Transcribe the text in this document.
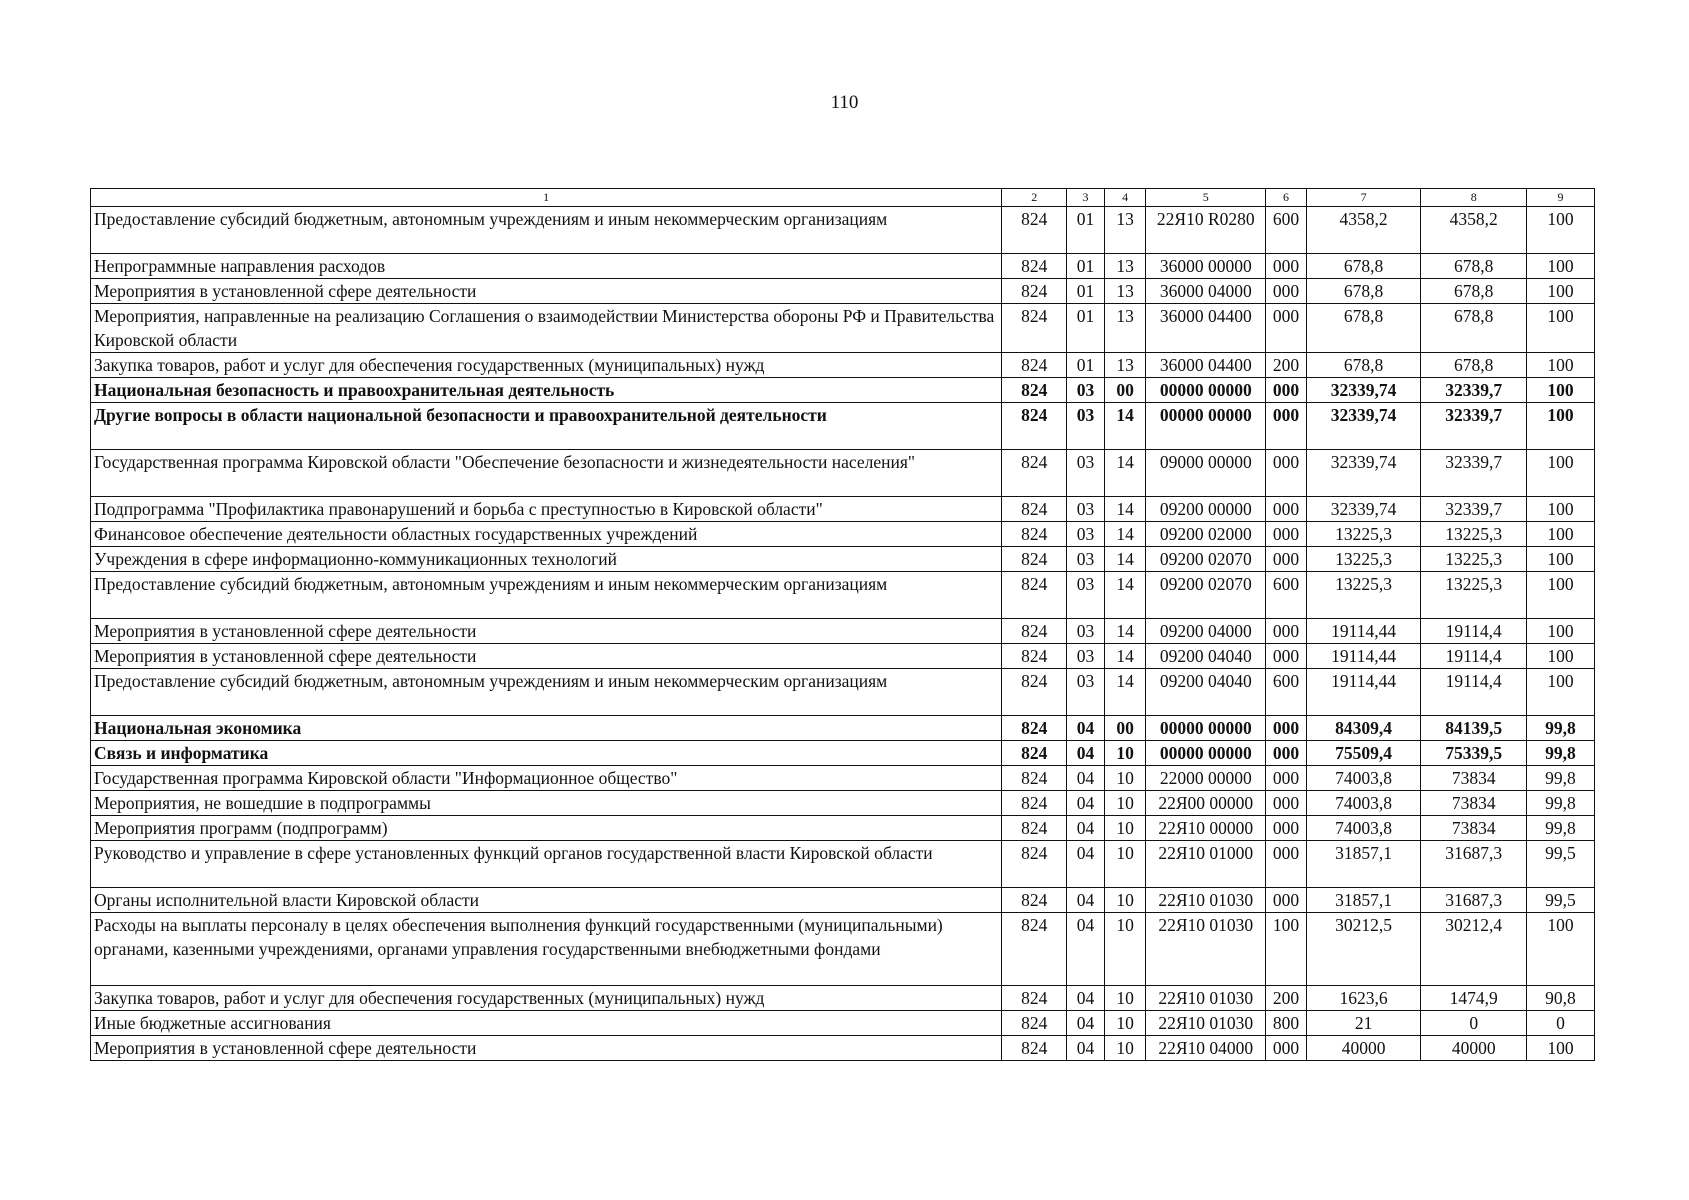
110
1	2	3	4	5	6	7	8	9
Предоставление субсидий бюджетным, автономным учреждениям и иным некоммерческим организациям	824	01	13	22Я10 R0280	600	4358,2	4358,2	100
Непрограммные направления расходов	824	01	13	36000 00000	000	678,8	678,8	100
Мероприятия в установленной сфере деятельности	824	01	13	36000 04000	000	678,8	678,8	100
Мероприятия, направленные на реализацию Соглашения о взаимодействии Министерства обороны РФ и Правительства Кировской области	824	01	13	36000 04400	000	678,8	678,8	100
Закупка товаров, работ и услуг для обеспечения государственных (муниципальных) нужд	824	01	13	36000 04400	200	678,8	678,8	100
Национальная безопасность и правоохранительная деятельность	824	03	00	00000 00000	000	32339,74	32339,7	100
Другие вопросы в области национальной безопасности и правоохранительной деятельности	824	03	14	00000 00000	000	32339,74	32339,7	100
Государственная программа Кировской области "Обеспечение безопасности и жизнедеятельности населения"	824	03	14	09000 00000	000	32339,74	32339,7	100
Подпрограмма "Профилактика правонарушений и борьба с преступностью в Кировской области"	824	03	14	09200 00000	000	32339,74	32339,7	100
Финансовое обеспечение деятельности областных государственных учреждений	824	03	14	09200 02000	000	13225,3	13225,3	100
Учреждения в сфере информационно-коммуникационных технологий	824	03	14	09200 02070	000	13225,3	13225,3	100
Предоставление субсидий бюджетным, автономным учреждениям и иным некоммерческим организациям	824	03	14	09200 02070	600	13225,3	13225,3	100
Мероприятия в установленной сфере деятельности	824	03	14	09200 04000	000	19114,44	19114,4	100
Мероприятия в установленной сфере деятельности	824	03	14	09200 04040	000	19114,44	19114,4	100
Предоставление субсидий бюджетным, автономным учреждениям и иным некоммерческим организациям	824	03	14	09200 04040	600	19114,44	19114,4	100
Национальная экономика	824	04	00	00000 00000	000	84309,4	84139,5	99,8
Связь и информатика	824	04	10	00000 00000	000	75509,4	75339,5	99,8
Государственная программа Кировской области "Информационное общество"	824	04	10	22000 00000	000	74003,8	73834	99,8
Мероприятия, не вошедшие в подпрограммы	824	04	10	22Я00 00000	000	74003,8	73834	99,8
Мероприятия программ (подпрограмм)	824	04	10	22Я10 00000	000	74003,8	73834	99,8
Руководство и управление в сфере установленных функций органов государственной власти Кировской области	824	04	10	22Я10 01000	000	31857,1	31687,3	99,5
Органы исполнительной власти Кировской области	824	04	10	22Я10 01030	000	31857,1	31687,3	99,5
Расходы на выплаты персоналу в целях обеспечения выполнения функций государственными (муниципальными) органами, казенными учреждениями, органами управления государственными внебюджетными фондами	824	04	10	22Я10 01030	100	30212,5	30212,4	100
Закупка товаров, работ и услуг для обеспечения государственных (муниципальных) нужд	824	04	10	22Я10 01030	200	1623,6	1474,9	90,8
Иные бюджетные ассигнования	824	04	10	22Я10 01030	800	21	0	0
Мероприятия в установленной сфере деятельности	824	04	10	22Я10 04000	000	40000	40000	100
